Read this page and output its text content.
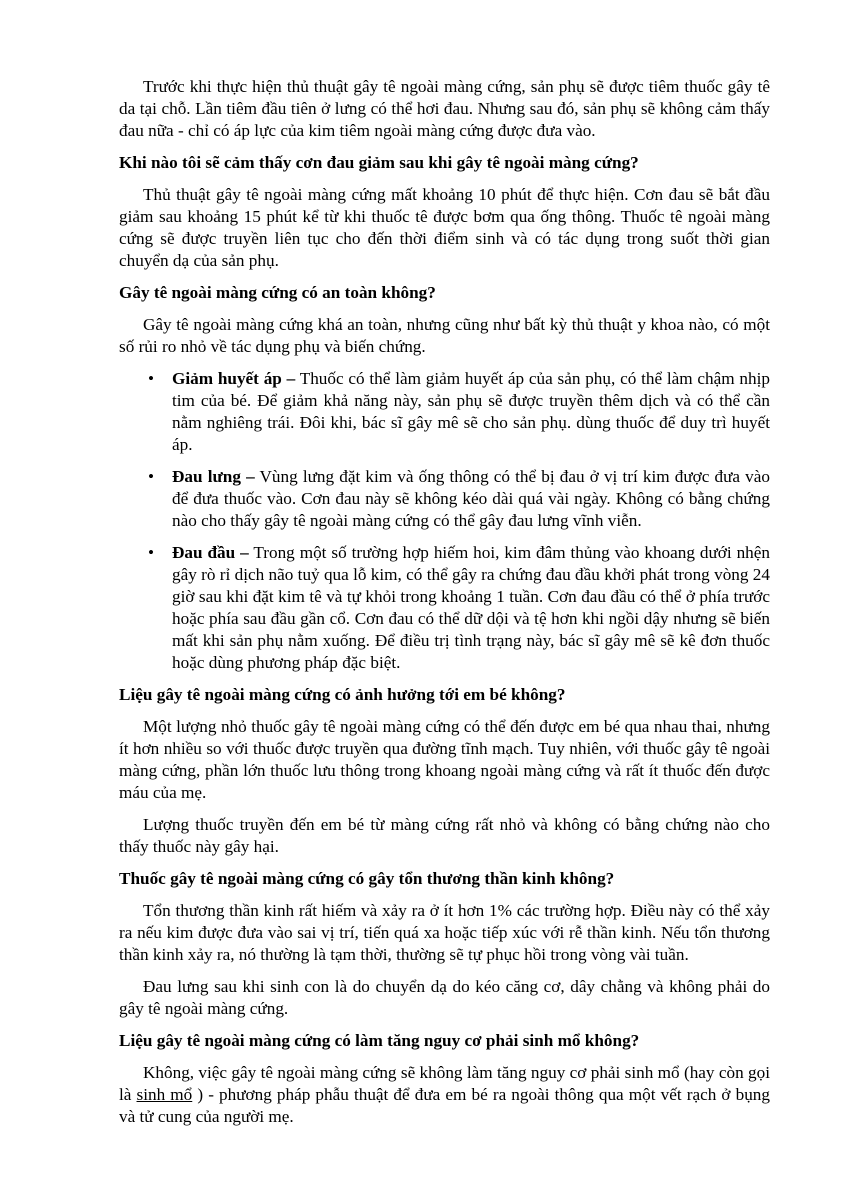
Trước khi thực hiện thủ thuật gây tê ngoài màng cứng, sản phụ sẽ được tiêm thuốc gây tê da tại chỗ. Lần tiêm đầu tiên ở lưng có thể hơi đau. Nhưng sau đó, sản phụ sẽ không cảm thấy đau nữa - chỉ có áp lực của kim tiêm ngoài màng cứng được đưa vào.

Khi nào tôi sẽ cảm thấy cơn đau giảm sau khi gây tê ngoài màng cứng?

Thủ thuật gây tê ngoài màng cứng mất khoảng 10 phút để thực hiện. Cơn đau sẽ bắt đầu giảm sau khoảng 15 phút kể từ khi thuốc tê được bơm qua ống thông. Thuốc tê ngoài màng cứng sẽ được truyền liên tục cho đến thời điểm sinh và có tác dụng trong suốt thời gian chuyển dạ của sản phụ.

Gây tê ngoài màng cứng có an toàn không?

Gây tê ngoài màng cứng khá an toàn, nhưng cũng như bất kỳ thủ thuật y khoa nào, có một số rủi ro nhỏ về tác dụng phụ và biến chứng.

• Giảm huyết áp – Thuốc có thể làm giảm huyết áp của sản phụ, có thể làm chậm nhịp tim của bé. Để giảm khả năng này, sản phụ sẽ được truyền thêm dịch và có thể cần nằm nghiêng trái. Đôi khi, bác sĩ gây mê sẽ cho sản phụ. dùng thuốc để duy trì huyết áp.
• Đau lưng – Vùng lưng đặt kim và ống thông có thể bị đau ở vị trí kim được đưa vào để đưa thuốc vào. Cơn đau này sẽ không kéo dài quá vài ngày. Không có bằng chứng nào cho thấy gây tê ngoài màng cứng có thể gây đau lưng vĩnh viễn.
• Đau đầu – Trong một số trường hợp hiếm hoi, kim đâm thủng vào khoang dưới nhện gây rò rỉ dịch não tuỷ qua lỗ kim, có thể gây ra chứng đau đầu khởi phát trong vòng 24 giờ sau khi đặt kim tê và tự khỏi trong khoảng 1 tuần. Cơn đau đầu có thể ở phía trước hoặc phía sau đầu gần cổ. Cơn đau có thể dữ dội và tệ hơn khi ngồi dậy nhưng sẽ biến mất khi sản phụ nằm xuống. Để điều trị tình trạng này, bác sĩ gây mê sẽ kê đơn thuốc hoặc dùng phương pháp đặc biệt.
Liệu gây tê ngoài màng cứng có ảnh hưởng tới em bé không?

Một lượng nhỏ thuốc gây tê ngoài màng cứng có thể đến được em bé qua nhau thai, nhưng ít hơn nhiều so với thuốc được truyền qua đường tĩnh mạch. Tuy nhiên, với thuốc gây tê ngoài màng cứng, phần lớn thuốc lưu thông trong khoang ngoài màng cứng và rất ít thuốc đến được máu của mẹ.

Lượng thuốc truyền đến em bé từ màng cứng rất nhỏ và không có bằng chứng nào cho thấy thuốc này gây hại.

Thuốc gây tê ngoài màng cứng có gây tổn thương thần kinh không?

Tổn thương thần kinh rất hiếm và xảy ra ở ít hơn 1% các trường hợp. Điều này có thể xảy ra nếu kim được đưa vào sai vị trí, tiến quá xa hoặc tiếp xúc với rễ thần kinh. Nếu tổn thương thần kinh xảy ra, nó thường là tạm thời, thường sẽ tự phục hồi trong vòng vài tuần.

Đau lưng sau khi sinh con là do chuyển dạ do kéo căng cơ, dây chằng và không phải do gây tê ngoài màng cứng.

Liệu gây tê ngoài màng cứng có làm tăng nguy cơ phải sinh mổ không?

Không, việc gây tê ngoài màng cứng sẽ không làm tăng nguy cơ phải sinh mổ (hay còn gọi là sinh mổ ) - phương pháp phẫu thuật để đưa em bé ra ngoài thông qua một vết rạch ở bụng và tử cung của người mẹ.
